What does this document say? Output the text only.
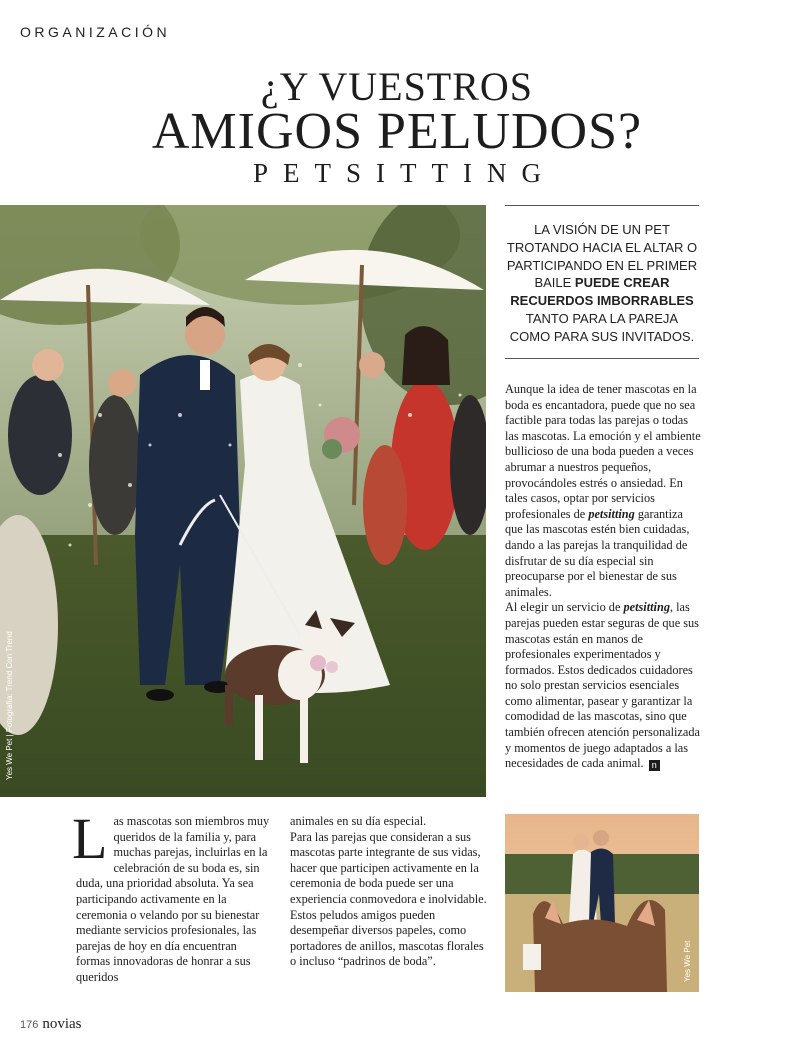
ORGANIZACIÓN
¿Y VUESTROS
AMIGOS PELUDOS?
PETSITTING
Yes We Pet | Fotografía: Trend Con Trend
LA VISIÓN DE UN PET TROTANDO HACIA EL ALTAR O PARTICIPANDO EN EL PRIMER BAILE PUEDE CREAR RECUERDOS IMBORRABLES TANTO PARA LA PAREJA COMO PARA SUS INVITADOS.

Aunque la idea de tener mascotas en la boda es encantadora, puede que no sea factible para todas las parejas o todas las mascotas. La emoción y el ambiente bullicioso de una boda pueden a veces abrumar a nuestros pequeños, provocándoles estrés o ansiedad. En tales casos, optar por servicios profesionales de petsitting garantiza que las mascotas estén bien cuidadas, dando a las parejas la tranquilidad de disfrutar de su día especial sin preocuparse por el bienestar de sus animales.

Al elegir un servicio de petsitting, las parejas pueden estar seguras de que sus mascotas están en manos de profesionales experimentados y formados. Estos dedicados cuidadores no solo prestan servicios esenciales como alimentar, pasear y garantizar la comodidad de las mascotas, sino que también ofrecen atención personalizada y momentos de juego adaptados a las necesidades de cada animal. n

Las mascotas son miembros muy queridos de la familia y, para muchas parejas, incluirlas en la celebración de su boda es, sin duda, una prioridad absoluta. Ya sea participando activamente en la ceremonia o velando por su bienestar mediante servicios profesionales, las parejas de hoy en día encuentran formas innovadoras de honrar a sus queridos

animales en su día especial.

Para las parejas que consideran a sus mascotas parte integrante de sus vidas, hacer que participen activamente en la ceremonia de boda puede ser una experiencia conmovedora e inolvidable.

Estos peludos amigos pueden desempeñar diversos papeles, como portadores de anillos, mascotas florales o incluso “padrinos de boda”.	Yes We Pet
176 novias
